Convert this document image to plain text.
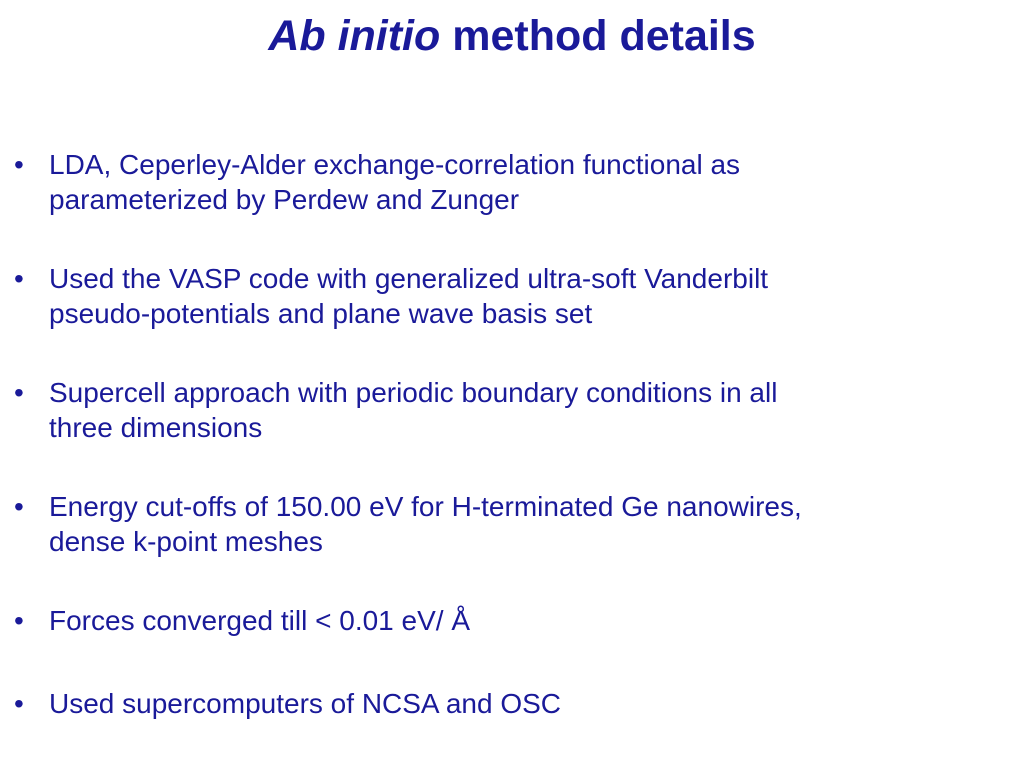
Ab initio method details
• LDA, Ceperley-Alder exchange-correlation functional as
parameterized by Perdew and Zunger
• Used the VASP code with generalized ultra-soft Vanderbilt
pseudo-potentials and plane wave basis set
• Supercell approach with periodic boundary conditions in all
three dimensions
• Energy cut-offs of 150.00 eV for H-terminated Ge nanowires,
dense k-point meshes
• Forces converged till < 0.01 eV/ Å
• Used supercomputers of NCSA and OSC
